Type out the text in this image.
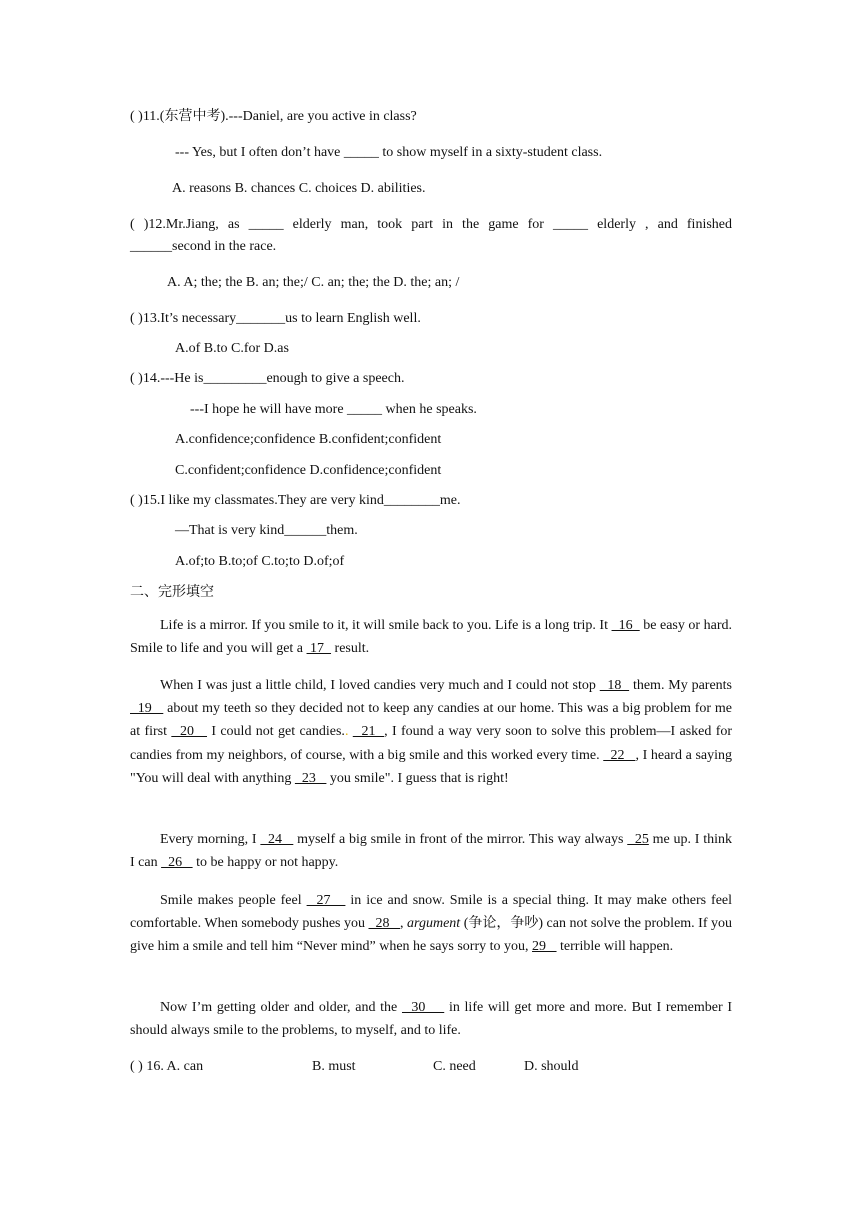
( )11.(东营中考).---Daniel, are you active in class?
--- Yes, but I often don’t have _____ to show myself in a sixty-student class.
A. reasons B. chances C. choices D. abilities.
( )12.Mr.Jiang, as _____ elderly man, took part in the game for _____ elderly , and finished
______second in the race.
A. A; the; the B. an; the;/ C. an; the; the D. the; an; /
( )13.It’s necessary_______us to learn English well.
A.of B.to C.for D.as
( )14.---He is_________enough to give a speech.
---I hope he will have more _____ when he speaks.
A.confidence;confidence B.confident;confident
C.confident;confidence D.confidence;confident
( )15.I like my classmates.They are very kind________me.
—That is very kind______them.
A.of;to B.to;of C.to;to D.of;of
二、完形填空
Life is a mirror. If you smile to it, it will smile back to you. Life is a long trip. It   16   be easy or hard. Smile to life and you will get a  17   result.
When I was just a little child, I loved candies very much and I could not stop   18   them. My parents   19    about my teeth so they decided not to keep any candies at our home. This was a big problem for me at first   20    I could not get candies..   21  , I found a way very soon to solve this problem—I asked for candies from my neighbors, of course, with a big smile and this worked every time.   22   , I heard a saying "You will deal with anything   23    you smile". I guess that is right!
Every morning, I   24    myself a big smile in front of the mirror. This way always   25 me up. I think I can   26    to be happy or not happy.
Smile makes people feel   27    in ice and snow. Smile is a special thing. It may make others feel comfortable. When somebody pushes you   28   , argument (争论，争吵) can not solve the problem. If you give him a smile and tell him “Never mind” when he says sorry to you, 29    terrible will happen.
Now I’m getting older and older, and the   30     in life will get more and more. But I remember I should always smile to the problems, to myself, and to life.
( ) 16. A. can	B. must	C. need	D. should
